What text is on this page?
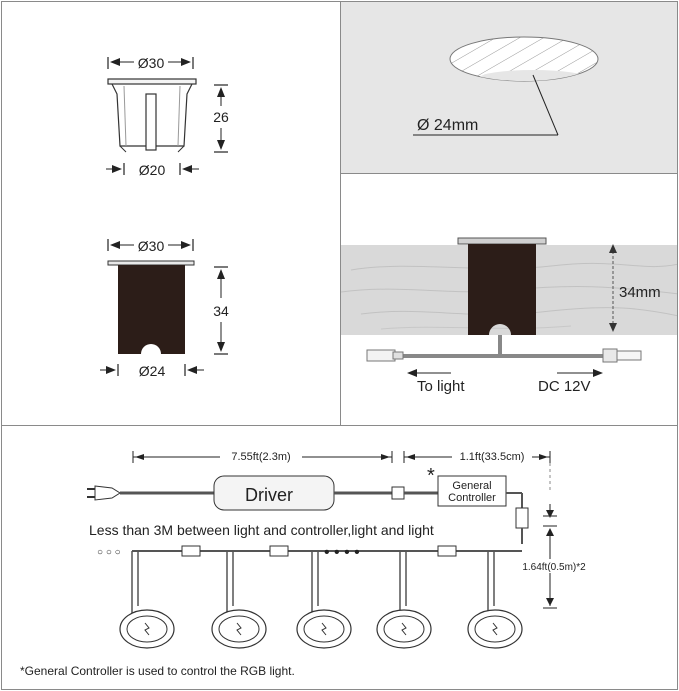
Ø30
26
Ø20
Ø30
34
Ø24
Ø 24mm
34mm
To light	DC 12V
7.55ft(2.3m)	1.1ft(33.5cm)
Driver
* General
Controller
1.64ft(0.5m)*2
Less than 3M between light and controller,light and light
○ ○ ○	• • • •
*General Controller is used to control the RGB light.
